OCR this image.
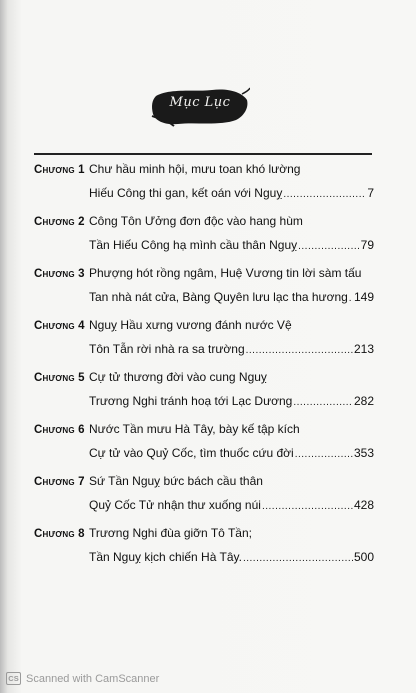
Mục Lục
Chương 1 Chư hầu minh hội, mưu toan khó lường
Hiếu Công thi gan, kết oán với Nguỵ .....	7
Chương 2 Công Tôn Ưởng đơn độc vào hang hùm
Tần Hiếu Công hạ mình cầu thân Nguỵ .....	79
Chương 3 Phượng hót rồng ngâm, Huệ Vương tin lời sàm tấu
Tan nhà nát cửa, Bàng Quyên lưu lạc tha hương ..... 149
Chương 4 Nguỵ Hầu xưng vương đánh nước Vệ
Tôn Tẫn rời nhà ra sa trường .....	213
Chương 5 Cự tử thương đời vào cung Nguỵ
Trương Nghi tránh hoạ tới Lạc Dương .....	282
Chương 6 Nước Tần mưu Hà Tây, bày kế tập kích
Cự tử vào Quỷ Cốc, tìm thuốc cứu đời .....	353
Chương 7 Sứ Tần Nguỵ bức bách cầu thân
Quỷ Cốc Tử nhận thư xuống núi .....	428
Chương 8 Trương Nghi đùa giỡn Tô Tần;
Tần Nguỵ kịch chiến Hà Tây. .....	500
CS Scanned with CamScanner
